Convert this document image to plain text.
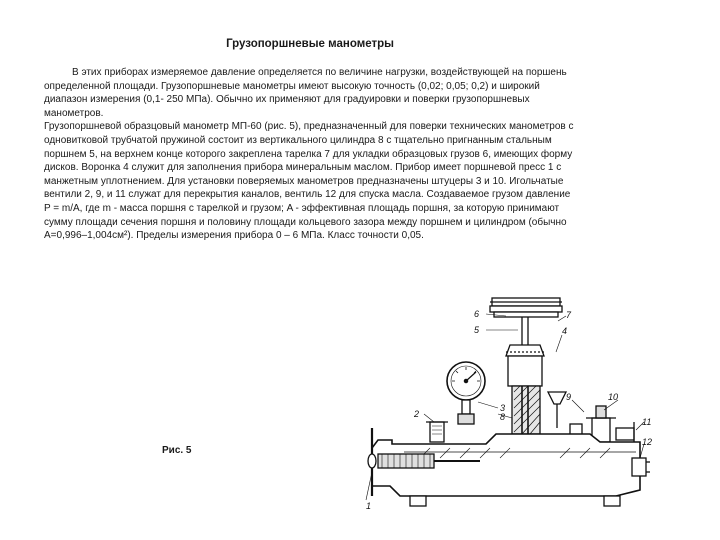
Грузопоршневые манометры

В этих приборах измеряемое давление определяется по величине нагрузки, воздействующей на поршень определенной площади. Грузопоршневые манометры имеют высокую точность (0,02; 0,05; 0,2) и широкий диапазон измерения (0,1- 250 МПа). Обычно их применяют для градуировки и поверки грузопоршневых манометров.

Грузопоршневой образцовый манометр МП-60 (рис. 5), предназначенный для поверки технических манометров с одновитковой трубчатой пружиной состоит из вертикального цилиндра 8 с тщательно пригнанным стальным поршнем 5, на верхнем конце которого закреплена тарелка 7 для укладки образцовых грузов 6, имеющих форму дисков. Воронка 4 служит для заполнения прибора минеральным маслом. Прибор имеет поршневой пресс 1 с манжетным уплотнением. Для установки поверяемых манометров предназначены штуцеры 3 и 10. Игольчатые вентили 2, 9, и 11 служат для перекрытия каналов, вентиль 12 для спуска масла. Создаваемое грузом давление P = m/A, где m - масса поршня с тарелкой и грузом; A - эффективная площадь поршня, за которую принимают сумму площади сечения поршня и половину площади кольцевого зазора между поршнем и цилиндром (обычно A=0,996–1,004см²). Пределы измерения прибора 0 – 6 МПа. Класс точности 0,05.

Рис. 5
6
5
7
4
3
2	8
9	10
11
12
1
